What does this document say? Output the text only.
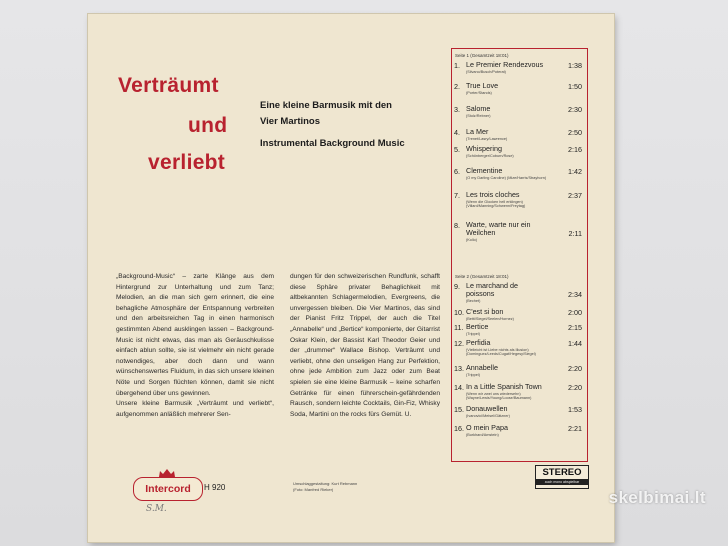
Verträumt
und
verliebt
Eine kleine Barmusik mit den
Vier Martinos
Instrumental Background Music

„Background-Music“ – zarte Klänge aus dem Hintergrund zur Unterhaltung und zum Tanz; Melodien, an die man sich gern erinnert, die eine behagliche Atmosphäre der Entspannung verbreiten und den arbeitsreichen Tag in einen harmonisch gestimmten Abend ausklingen lassen – Background-Music ist nicht etwas, das man als Geräuschkulisse einfach ablun sollte, sie ist vielmehr ein nicht gerade notwendiges, aber doch dann und wann wünschenswertes Fluidum, in das sich unsere kleinen Nöte und Sorgen flüchten können, damit sie nicht übergehend über uns gewinnen.

Unsere kleine Barmusik „Verträumt und verliebt“, aufgenommen anläßlich mehrerer Sen-

dungen für den schweizerischen Rundfunk, schafft diese Sphäre privater Behaglichkeit mit altbekannten Schlagermelodien, Evergreens, die unvergessen bleiben. Die Vier Martinos, das sind der Pianist Fritz Trippel, der auch die Titel „Annabelle“ und „Bertice“ komponierte, der Gitarrist Oskar Klein, der Bassist Karl Theodor Geier und der „drummer“ Wallace Bishop. Verträumt und verliebt, ohne den unseligen Hang zur Perfektion, ohne jede Ambition zum Jazz oder zum Beat spielen sie eine kleine Barmusik – keine scharfen Getränke für einen führerschein-gefährdenden Rausch, sondern leichte Cocktails, Gin-Fiz, Whisky Soda, Martini on the rocks fürs Gemüt. U.
Seite 1 (Gesamtzeit 18:01)
1. Le Premier Rendezvous	1:38
(Silvano/Busch/Poterat)
2. True Love	1:50
(Porter/Stands)
3. Salome	2:30
(Stolz/Rebner)
4. La Mer	2:50
(Trenet/Lasry/Lawrence)
5. Whispering	2:16
(Schönberger/Coburn/Rose)
6. Clementine	1:42
(O my Darling Caroline) (Mize/Harris/Strayhorn)
7. Les trois cloches	2:37
(Wenn die Glocken hell erklingen) (Villard/Manning/Schwenn/Freytag)
8. Warte, warte nur ein Weilchen	2:11
(Kollo)
Seite 2 (Gesamtzeit 18:01)
9. Le marchand de poissons	2:34
(Bechet)
10. C'est si bon	2:00
(Betti/Siegel/Seelen/Hornez)
11. Bertice	2:15
(Trippel)
12. Perfidia	1:44
(Vielleicht ist Liebe nichts als Illusion) (Dominguez/Leeds/Cugat/Hegesy/Siegel)
13. Annabelle	2:20
(Trippel)
14. In a Little Spanish Town	2:20
(Wenn wir zwei uns wiedersehn) (Wayne/Lewis/Young/Loose/Baumann)
15. Donauwellen	1:53
(Ivanovici/Meisel/Gätzner)
16. O mein Papa	2:21
(Burkhard/Amstein)
Intercord	H 920
S.M.
Umschlaggestaltung: Kurt Rebmann
(Foto: Manfred Rieker)
STEREO
auch mono abspielbar
skelbimai.lt
